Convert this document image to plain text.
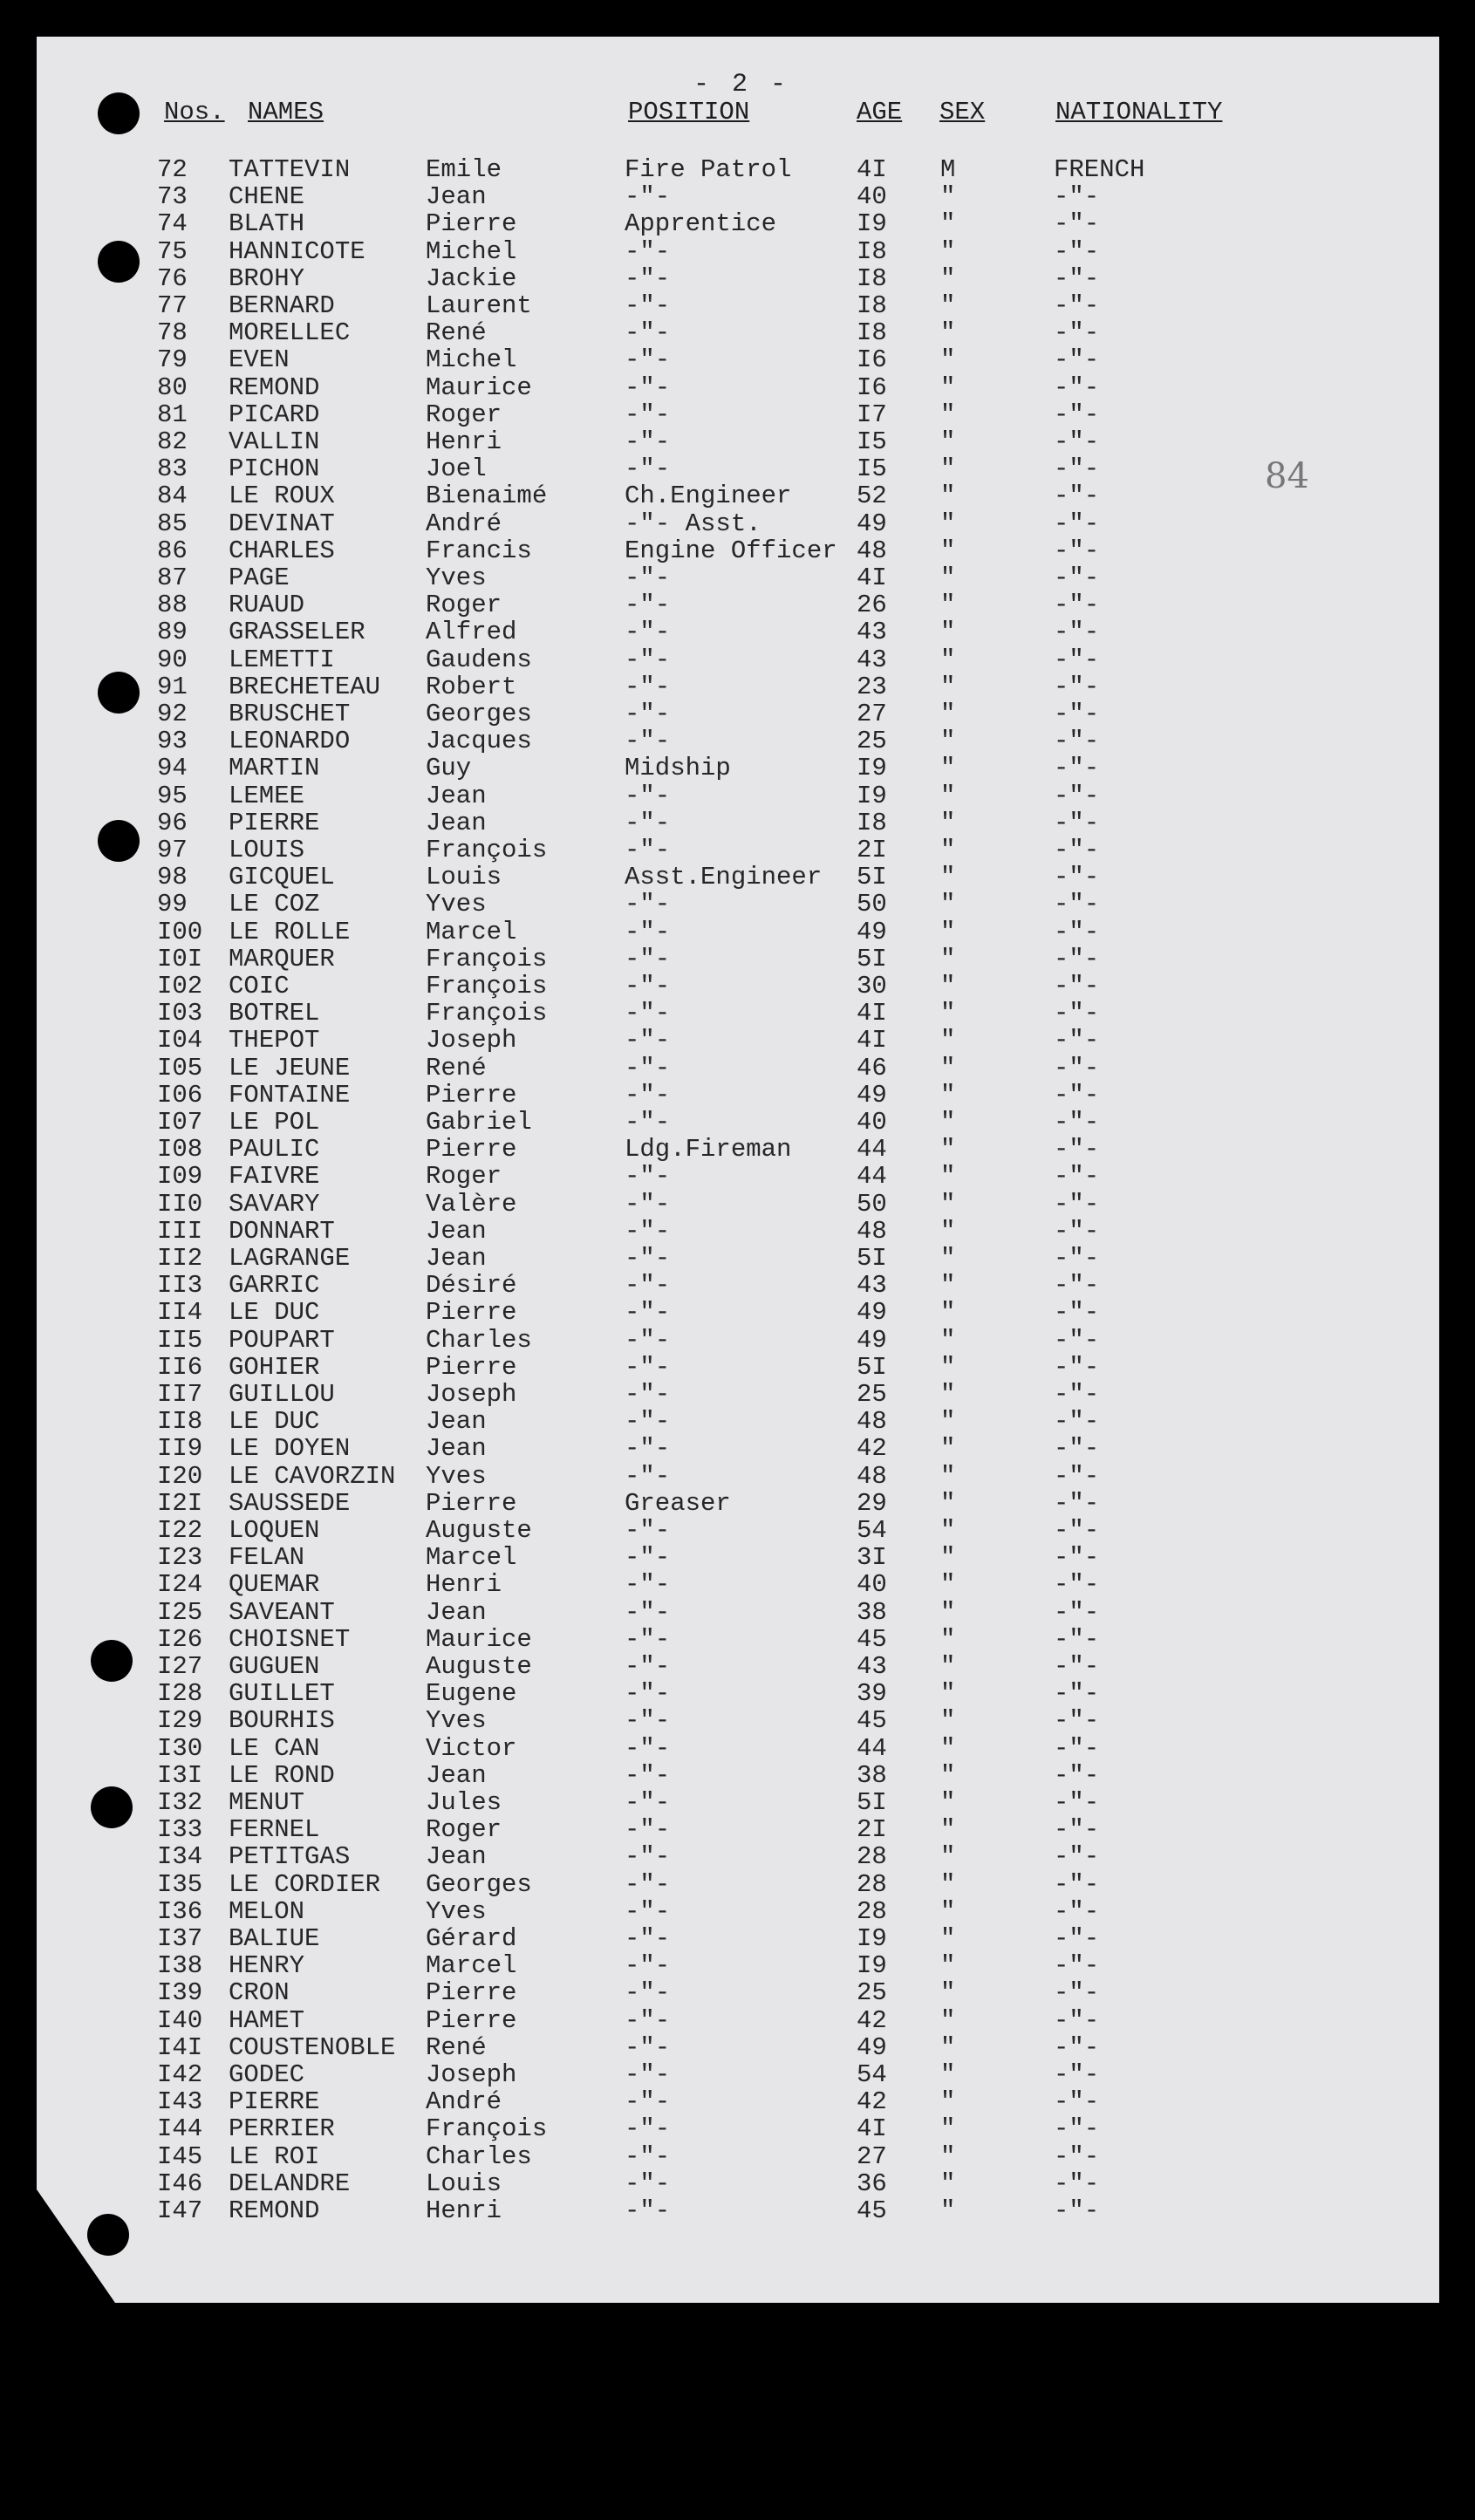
- 2 -
Nos. NAMES	POSITION	AGE SEX	NATIONALITY
84
72 TATTEVIN	Emile	Fire Patrol	4I M	FRENCH
73 CHENE	Jean	-"-	40 "	-"-
74 BLATH	Pierre	Apprentice	I9 "	-"-
75 HANNICOTE Michel	-"-	I8 "	-"-
76 BROHY	Jackie	-"-	I8 "	-"-
77 BERNARD	Laurent	-"-	I8 "	-"-
78 MORELLEC	René	-"-	I8 "	-"-
79 EVEN	Michel	-"-	I6 "	-"-
80 REMOND	Maurice	-"-	I6 "	-"-
81 PICARD	Roger	-"-	I7 "	-"-
82 VALLIN	Henri	-"-	I5 "	-"-
83 PICHON	Joel	-"-	I5 "	-"-
84 LE ROUX	Bienaimé	Ch.Engineer	52 "	-"-
85 DEVINAT	André	-"- Asst.	49 "	-"-
86 CHARLES	Francis	Engine Officer 48 "	-"-
87 PAGE	Yves	-"-	4I "	-"-
88 RUAUD	Roger	-"-	26 "	-"-
89 GRASSELER Alfred	-"-	43 "	-"-
90 LEMETTI	Gaudens	-"-	43 "	-"-
91 BRECHETEAU Robert	-"-	23 "	-"-
92 BRUSCHET	Georges	-"-	27 "	-"-
93 LEONARDO	Jacques	-"-	25 "	-"-
94 MARTIN	Guy	Midship	I9 "	-"-
95 LEMEE	Jean	-"-	I9 "	-"-
96 PIERRE	Jean	-"-	I8 "	-"-
97 LOUIS	François	-"-	2I "	-"-
98 GICQUEL	Louis	Asst.Engineer 5I "	-"-
99 LE COZ	Yves	-"-	50 "	-"-
I00 LE ROLLE	Marcel	-"-	49 "	-"-
I0I MARQUER	François	-"-	5I "	-"-
I02 COIC	François	-"-	30 "	-"-
I03 BOTREL	François	-"-	4I "	-"-
I04 THEPOT	Joseph	-"-	4I "	-"-
I05 LE JEUNE	René	-"-	46 "	-"-
I06 FONTAINE	Pierre	-"-	49 "	-"-
I07 LE POL	Gabriel	-"-	40 "	-"-
I08 PAULIC	Pierre	Ldg.Fireman	44 "	-"-
I09 FAIVRE	Roger	-"-	44 "	-"-
II0 SAVARY	Valère	-"-	50 "	-"-
III DONNART	Jean	-"-	48 "	-"-
II2 LAGRANGE	Jean	-"-	5I "	-"-
II3 GARRIC	Désiré	-"-	43 "	-"-
II4 LE DUC	Pierre	-"-	49 "	-"-
II5 POUPART	Charles	-"-	49 "	-"-
II6 GOHIER	Pierre	-"-	5I "	-"-
II7 GUILLOU	Joseph	-"-	25 "	-"-
II8 LE DUC	Jean	-"-	48 "	-"-
II9 LE DOYEN	Jean	-"-	42 "	-"-
I20 LE CAVORZIN Yves	-"-	48 "	-"-
I2I SAUSSEDE	Pierre	Greaser	29 "	-"-
I22 LOQUEN	Auguste	-"-	54 "	-"-
I23 FELAN	Marcel	-"-	3I "	-"-
I24 QUEMAR	Henri	-"-	40 "	-"-
I25 SAVEANT	Jean	-"-	38 "	-"-
I26 CHOISNET	Maurice	-"-	45 "	-"-
I27 GUGUEN	Auguste	-"-	43 "	-"-
I28 GUILLET	Eugene	-"-	39 "	-"-
I29 BOURHIS	Yves	-"-	45 "	-"-
I30 LE CAN	Victor	-"-	44 "	-"-
I3I LE ROND	Jean	-"-	38 "	-"-
I32 MENUT	Jules	-"-	5I "	-"-
I33 FERNEL	Roger	-"-	2I "	-"-
I34 PETITGAS	Jean	-"-	28 "	-"-
I35 LE CORDIER Georges	-"-	28 "	-"-
I36 MELON	Yves	-"-	28 "	-"-
I37 BALIUE	Gérard	-"-	I9 "	-"-
I38 HENRY	Marcel	-"-	I9 "	-"-
I39 CRON	Pierre	-"-	25 "	-"-
I40 HAMET	Pierre	-"-	42 "	-"-
I4I COUSTENOBLE René	-"-	49 "	-"-
I42 GODEC	Joseph	-"-	54 "	-"-
I43 PIERRE	André	-"-	42 "	-"-
I44 PERRIER	François	-"-	4I "	-"-
I45 LE ROI	Charles	-"-	27 "	-"-
I46 DELANDRE	Louis	-"-	36 "	-"-
I47 REMOND	Henri	-"-	45 "	-"-
